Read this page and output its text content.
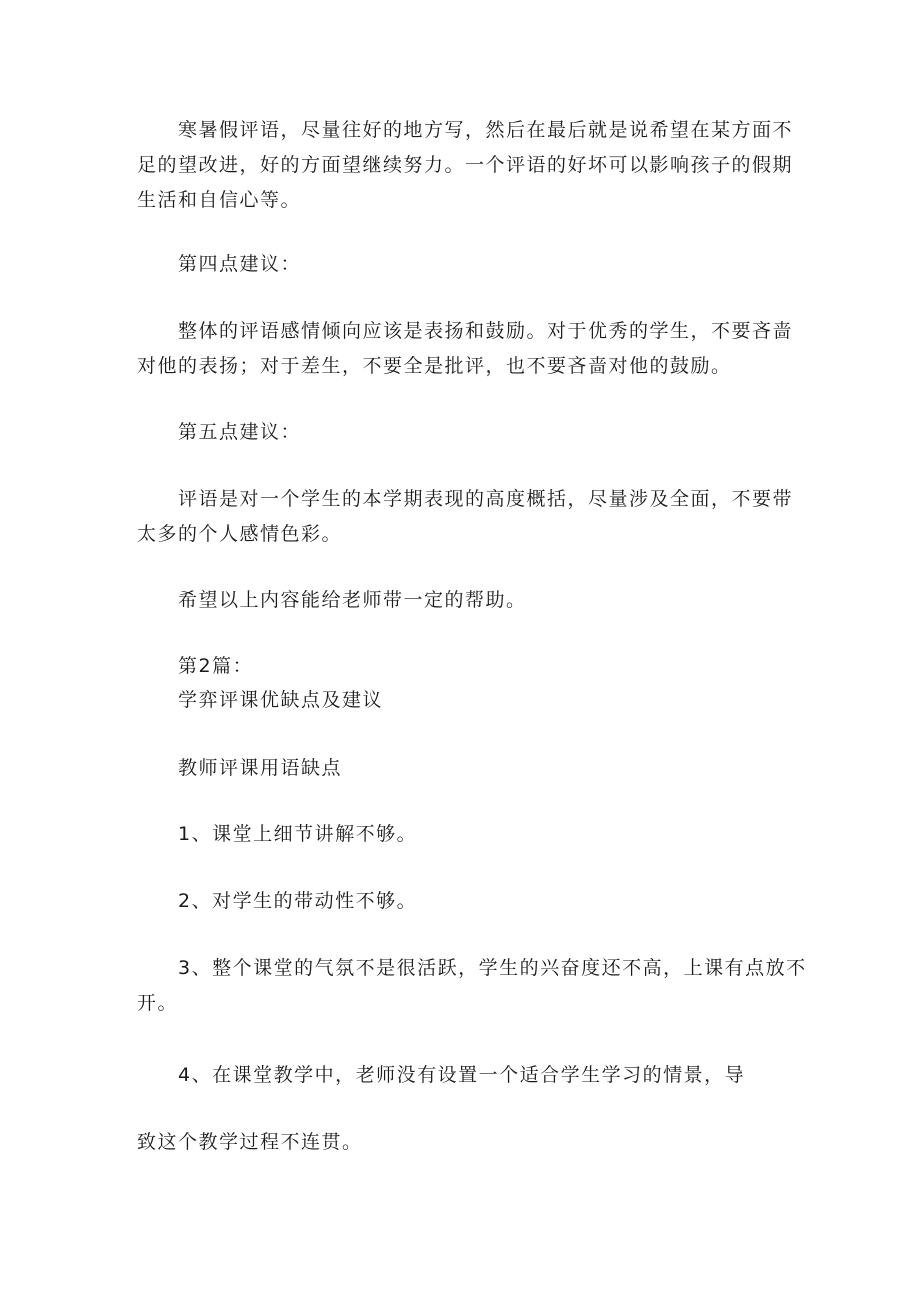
寒暑假评语，尽量往好的地方写，然后在最后就是说希望在某方面不
足的望改进，好的方面望继续努力。一个评语的好坏可以影响孩子的假期
生活和自信心等。
第四点建议：
整体的评语感情倾向应该是表扬和鼓励。对于优秀的学生，不要吝啬
对他的表扬；对于差生，不要全是批评，也不要吝啬对他的鼓励。
第五点建议：
评语是对一个学生的本学期表现的高度概括，尽量涉及全面，不要带
太多的个人感情色彩。
希望以上内容能给老师带一定的帮助。
第2篇：
学弈评课优缺点及建议
教师评课用语缺点
1、课堂上细节讲解不够。
2、对学生的带动性不够。
3、整个课堂的气氛不是很活跃，学生的兴奋度还不高，上课有点放不
开。
4、在课堂教学中，老师没有设置一个适合学生学习的情景，导
致这个教学过程不连贯。
